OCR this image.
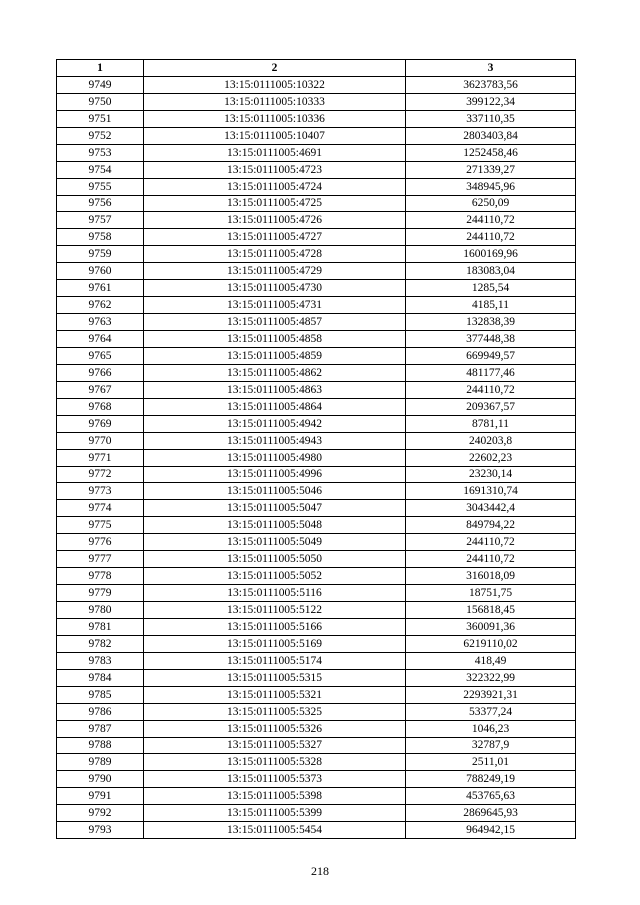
1	2	3
9749	13:15:0111005:10322	3623783,56
9750	13:15:0111005:10333	399122,34
9751	13:15:0111005:10336	337110,35
9752	13:15:0111005:10407	2803403,84
9753	13:15:0111005:4691	1252458,46
9754	13:15:0111005:4723	271339,27
9755	13:15:0111005:4724	348945,96
9756	13:15:0111005:4725	6250,09
9757	13:15:0111005:4726	244110,72
9758	13:15:0111005:4727	244110,72
9759	13:15:0111005:4728	1600169,96
9760	13:15:0111005:4729	183083,04
9761	13:15:0111005:4730	1285,54
9762	13:15:0111005:4731	4185,11
9763	13:15:0111005:4857	132838,39
9764	13:15:0111005:4858	377448,38
9765	13:15:0111005:4859	669949,57
9766	13:15:0111005:4862	481177,46
9767	13:15:0111005:4863	244110,72
9768	13:15:0111005:4864	209367,57
9769	13:15:0111005:4942	8781,11
9770	13:15:0111005:4943	240203,8
9771	13:15:0111005:4980	22602,23
9772	13:15:0111005:4996	23230,14
9773	13:15:0111005:5046	1691310,74
9774	13:15:0111005:5047	3043442,4
9775	13:15:0111005:5048	849794,22
9776	13:15:0111005:5049	244110,72
9777	13:15:0111005:5050	244110,72
9778	13:15:0111005:5052	316018,09
9779	13:15:0111005:5116	18751,75
9780	13:15:0111005:5122	156818,45
9781	13:15:0111005:5166	360091,36
9782	13:15:0111005:5169	6219110,02
9783	13:15:0111005:5174	418,49
9784	13:15:0111005:5315	322322,99
9785	13:15:0111005:5321	2293921,31
9786	13:15:0111005:5325	53377,24
9787	13:15:0111005:5326	1046,23
9788	13:15:0111005:5327	32787,9
9789	13:15:0111005:5328	2511,01
9790	13:15:0111005:5373	788249,19
9791	13:15:0111005:5398	453765,63
9792	13:15:0111005:5399	2869645,93
9793	13:15:0111005:5454	964942,15
218
